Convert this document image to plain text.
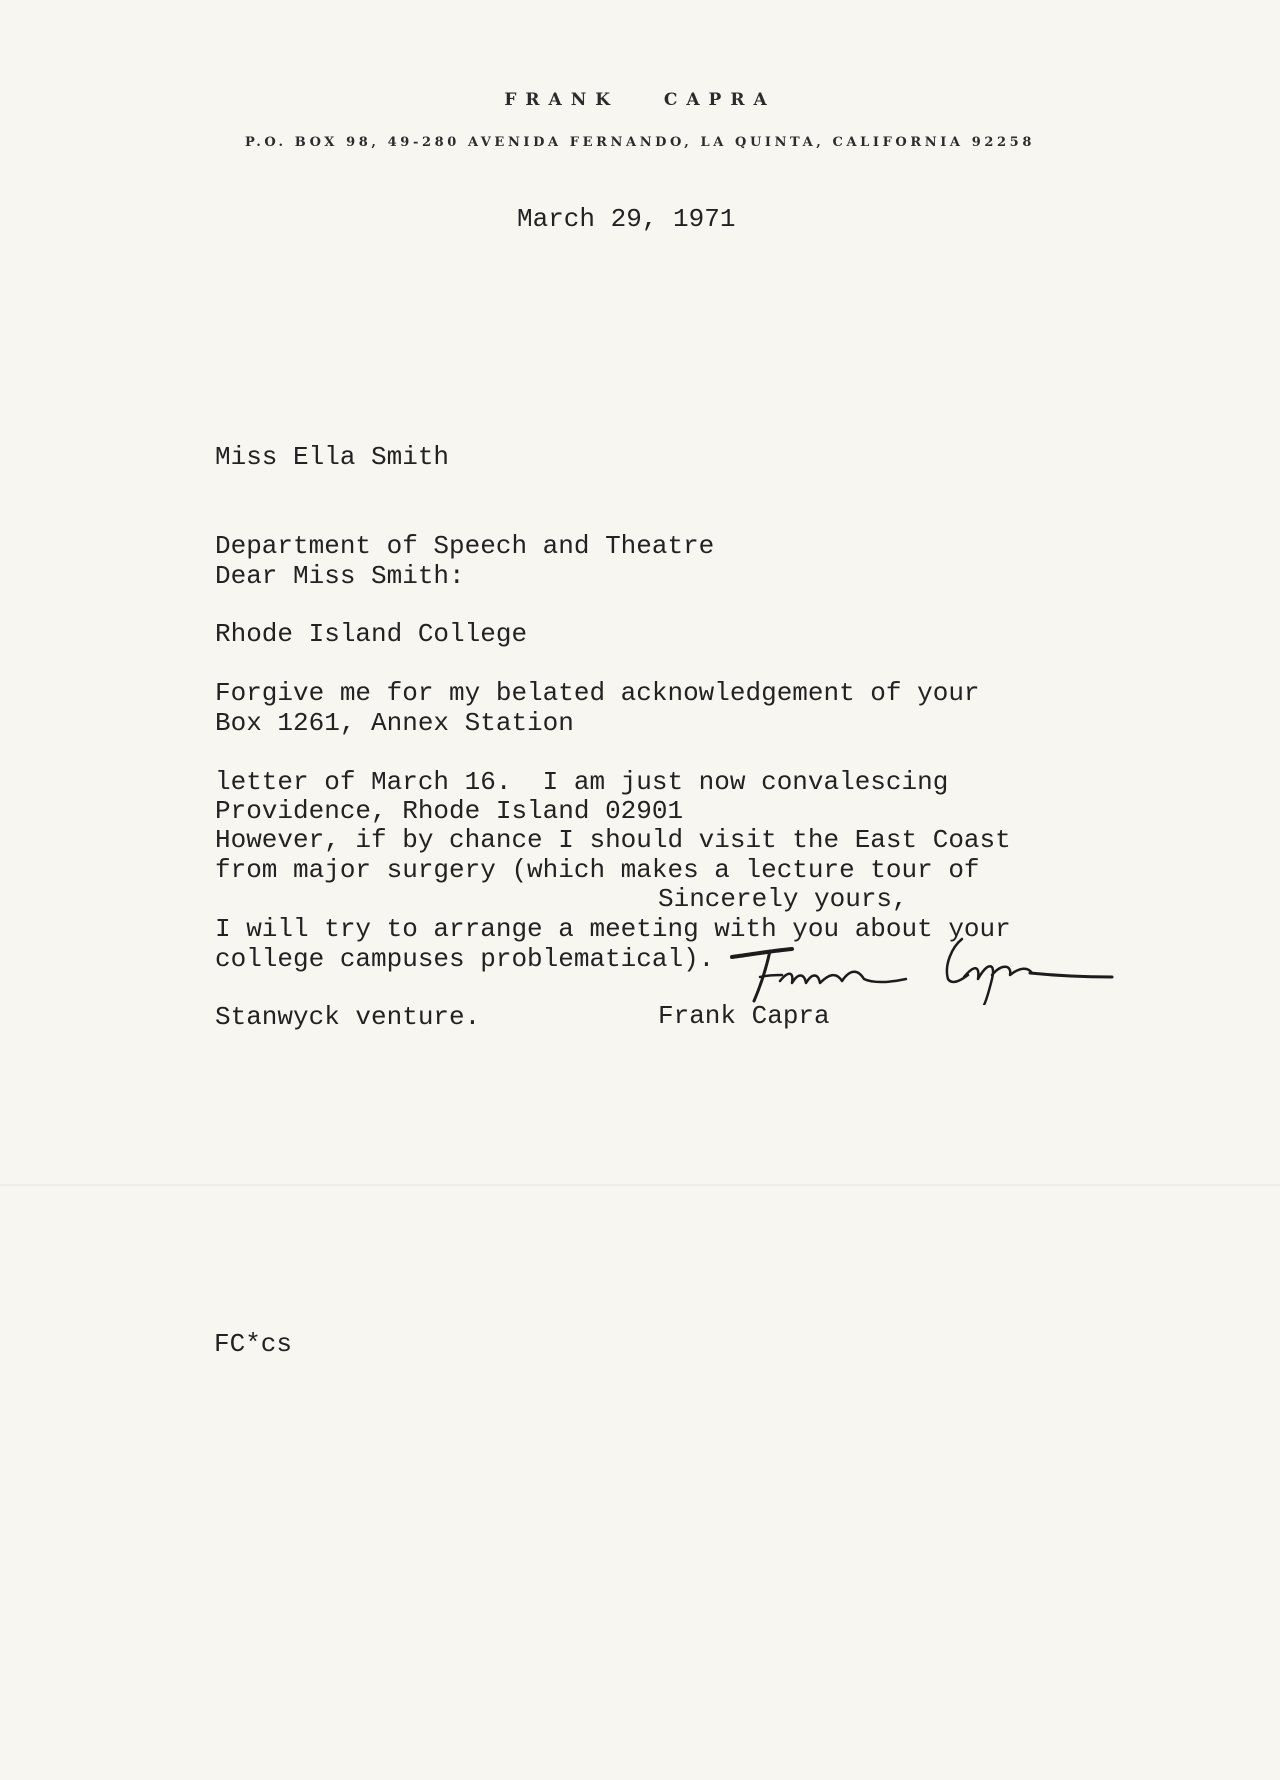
FRANK   CAPRA
P.O. BOX 98, 49-280 AVENIDA FERNANDO, LA QUINTA, CALIFORNIA 92258
March 29, 1971

Miss Ella Smith

Department of Speech and Theatre

Rhode Island College

Box 1261, Annex Station

Providence, Rhode Island 02901

Dear Miss Smith:

Forgive me for my belated acknowledgement of your

letter of March 16.  I am just now convalescing

from major surgery (which makes a lecture tour of

college campuses problematical).

However, if by chance I should visit the East Coast

I will try to arrange a meeting with you about your

Stanwyck venture.

Sincerely yours,
Frank Capra
FC*cs
